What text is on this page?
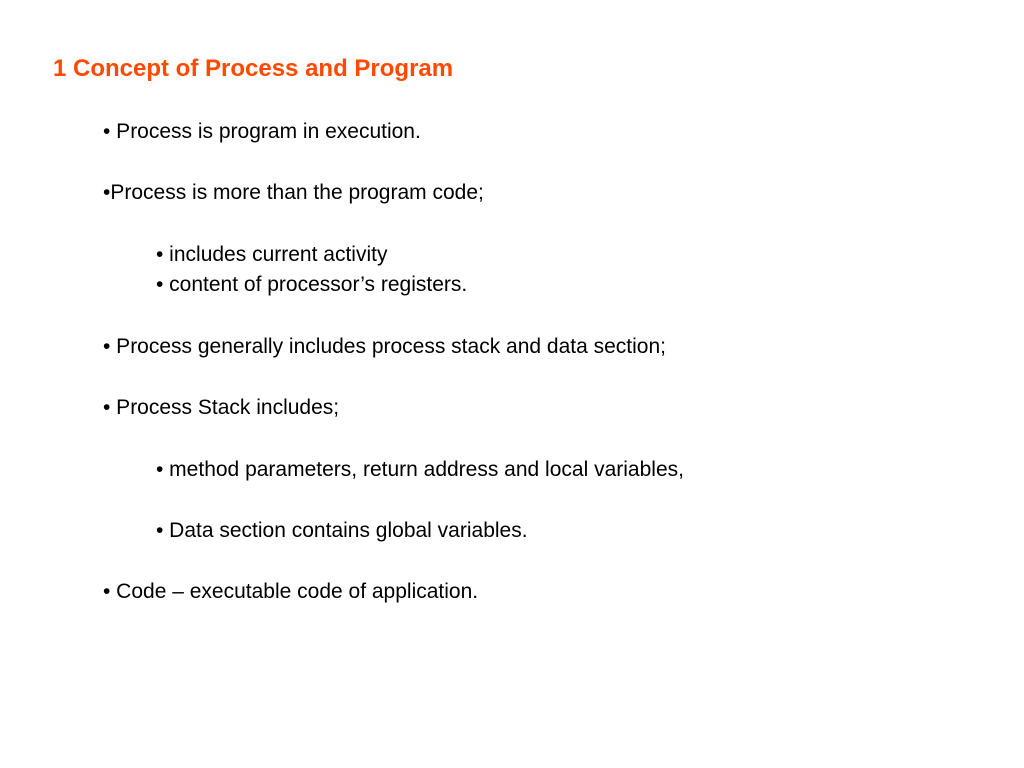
1 Concept of Process and Program
• Process is program in execution.
•Process is more than the program code;
• includes current activity
• content of processor’s registers.
• Process generally includes process stack and data section;
• Process Stack includes;
• method parameters, return address and local variables,
• Data section contains global variables.
• Code – executable code of application.
